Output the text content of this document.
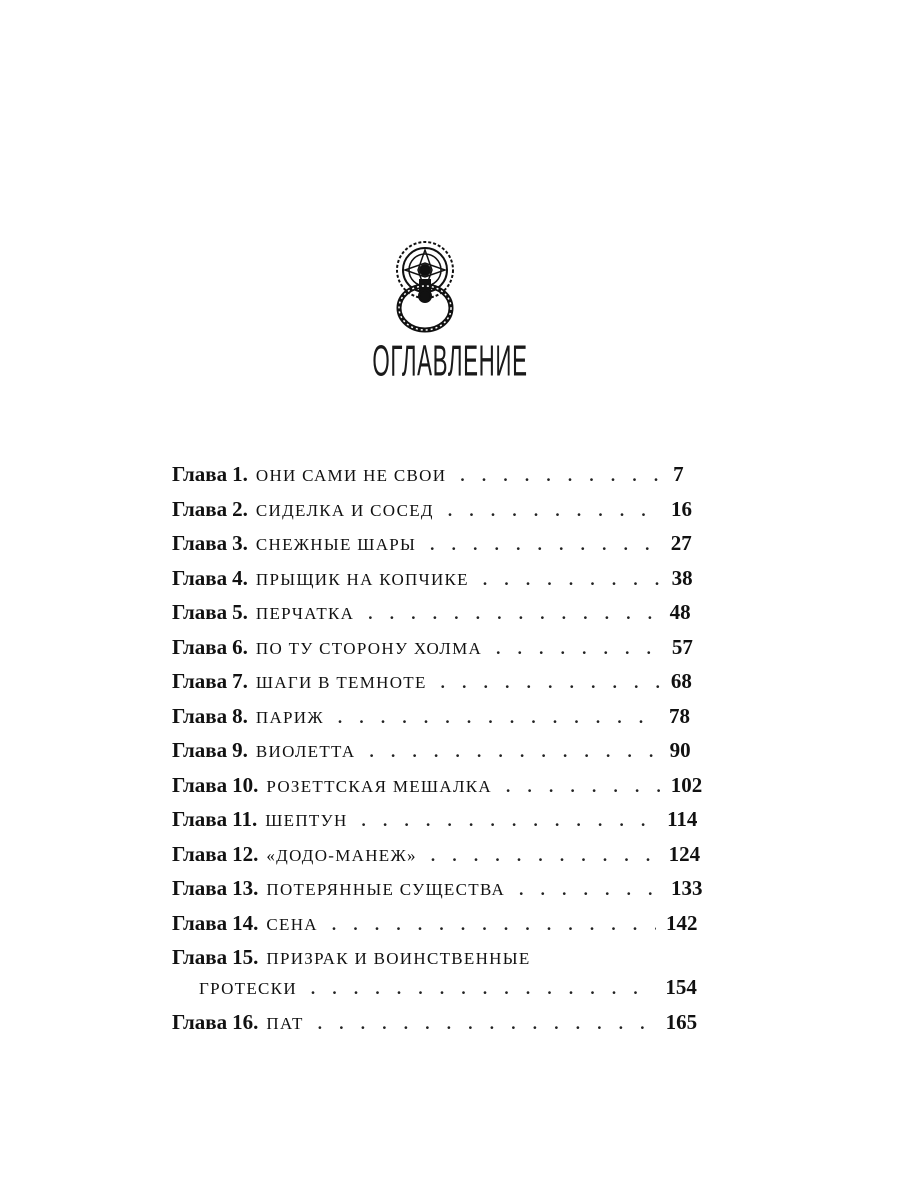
ОГЛАВЛЕНИЕ
Глава 1. ОНИ САМИ НЕ СВОИ . . .	7
Глава 2. СИДЕЛКА И СОСЕД . . .	16
Глава 3. СНЕЖНЫЕ ШАРЫ . . .	27
Глава 4. ПРЫЩИК НА КОПЧИКЕ . . .	38
Глава 5. ПЕРЧАТКА . . .	48
Глава 6. ПО ТУ СТОРОНУ ХОЛМА . . .	57
Глава 7. ШАГИ В ТЕМНОТЕ . . .	68
Глава 8. ПАРИЖ . . .	78
Глава 9. ВИОЛЕТТА . . .	90
Глава 10. РОЗЕТТСКАЯ МЕШАЛКА . . .	102
Глава 11. ШЕПТУН . . .	114
Глава 12. «ДОДО-МАНЕЖ» . . .	124
Глава 13. ПОТЕРЯННЫЕ СУЩЕСТВА . . .	133
Глава 14. СЕНА . . .	142
Глава 15. ПРИЗРАК И ВОИНСТВЕННЫЕ
ГРОТЕСКИ . . .	154
Глава 16. ПАТ . . .	165
